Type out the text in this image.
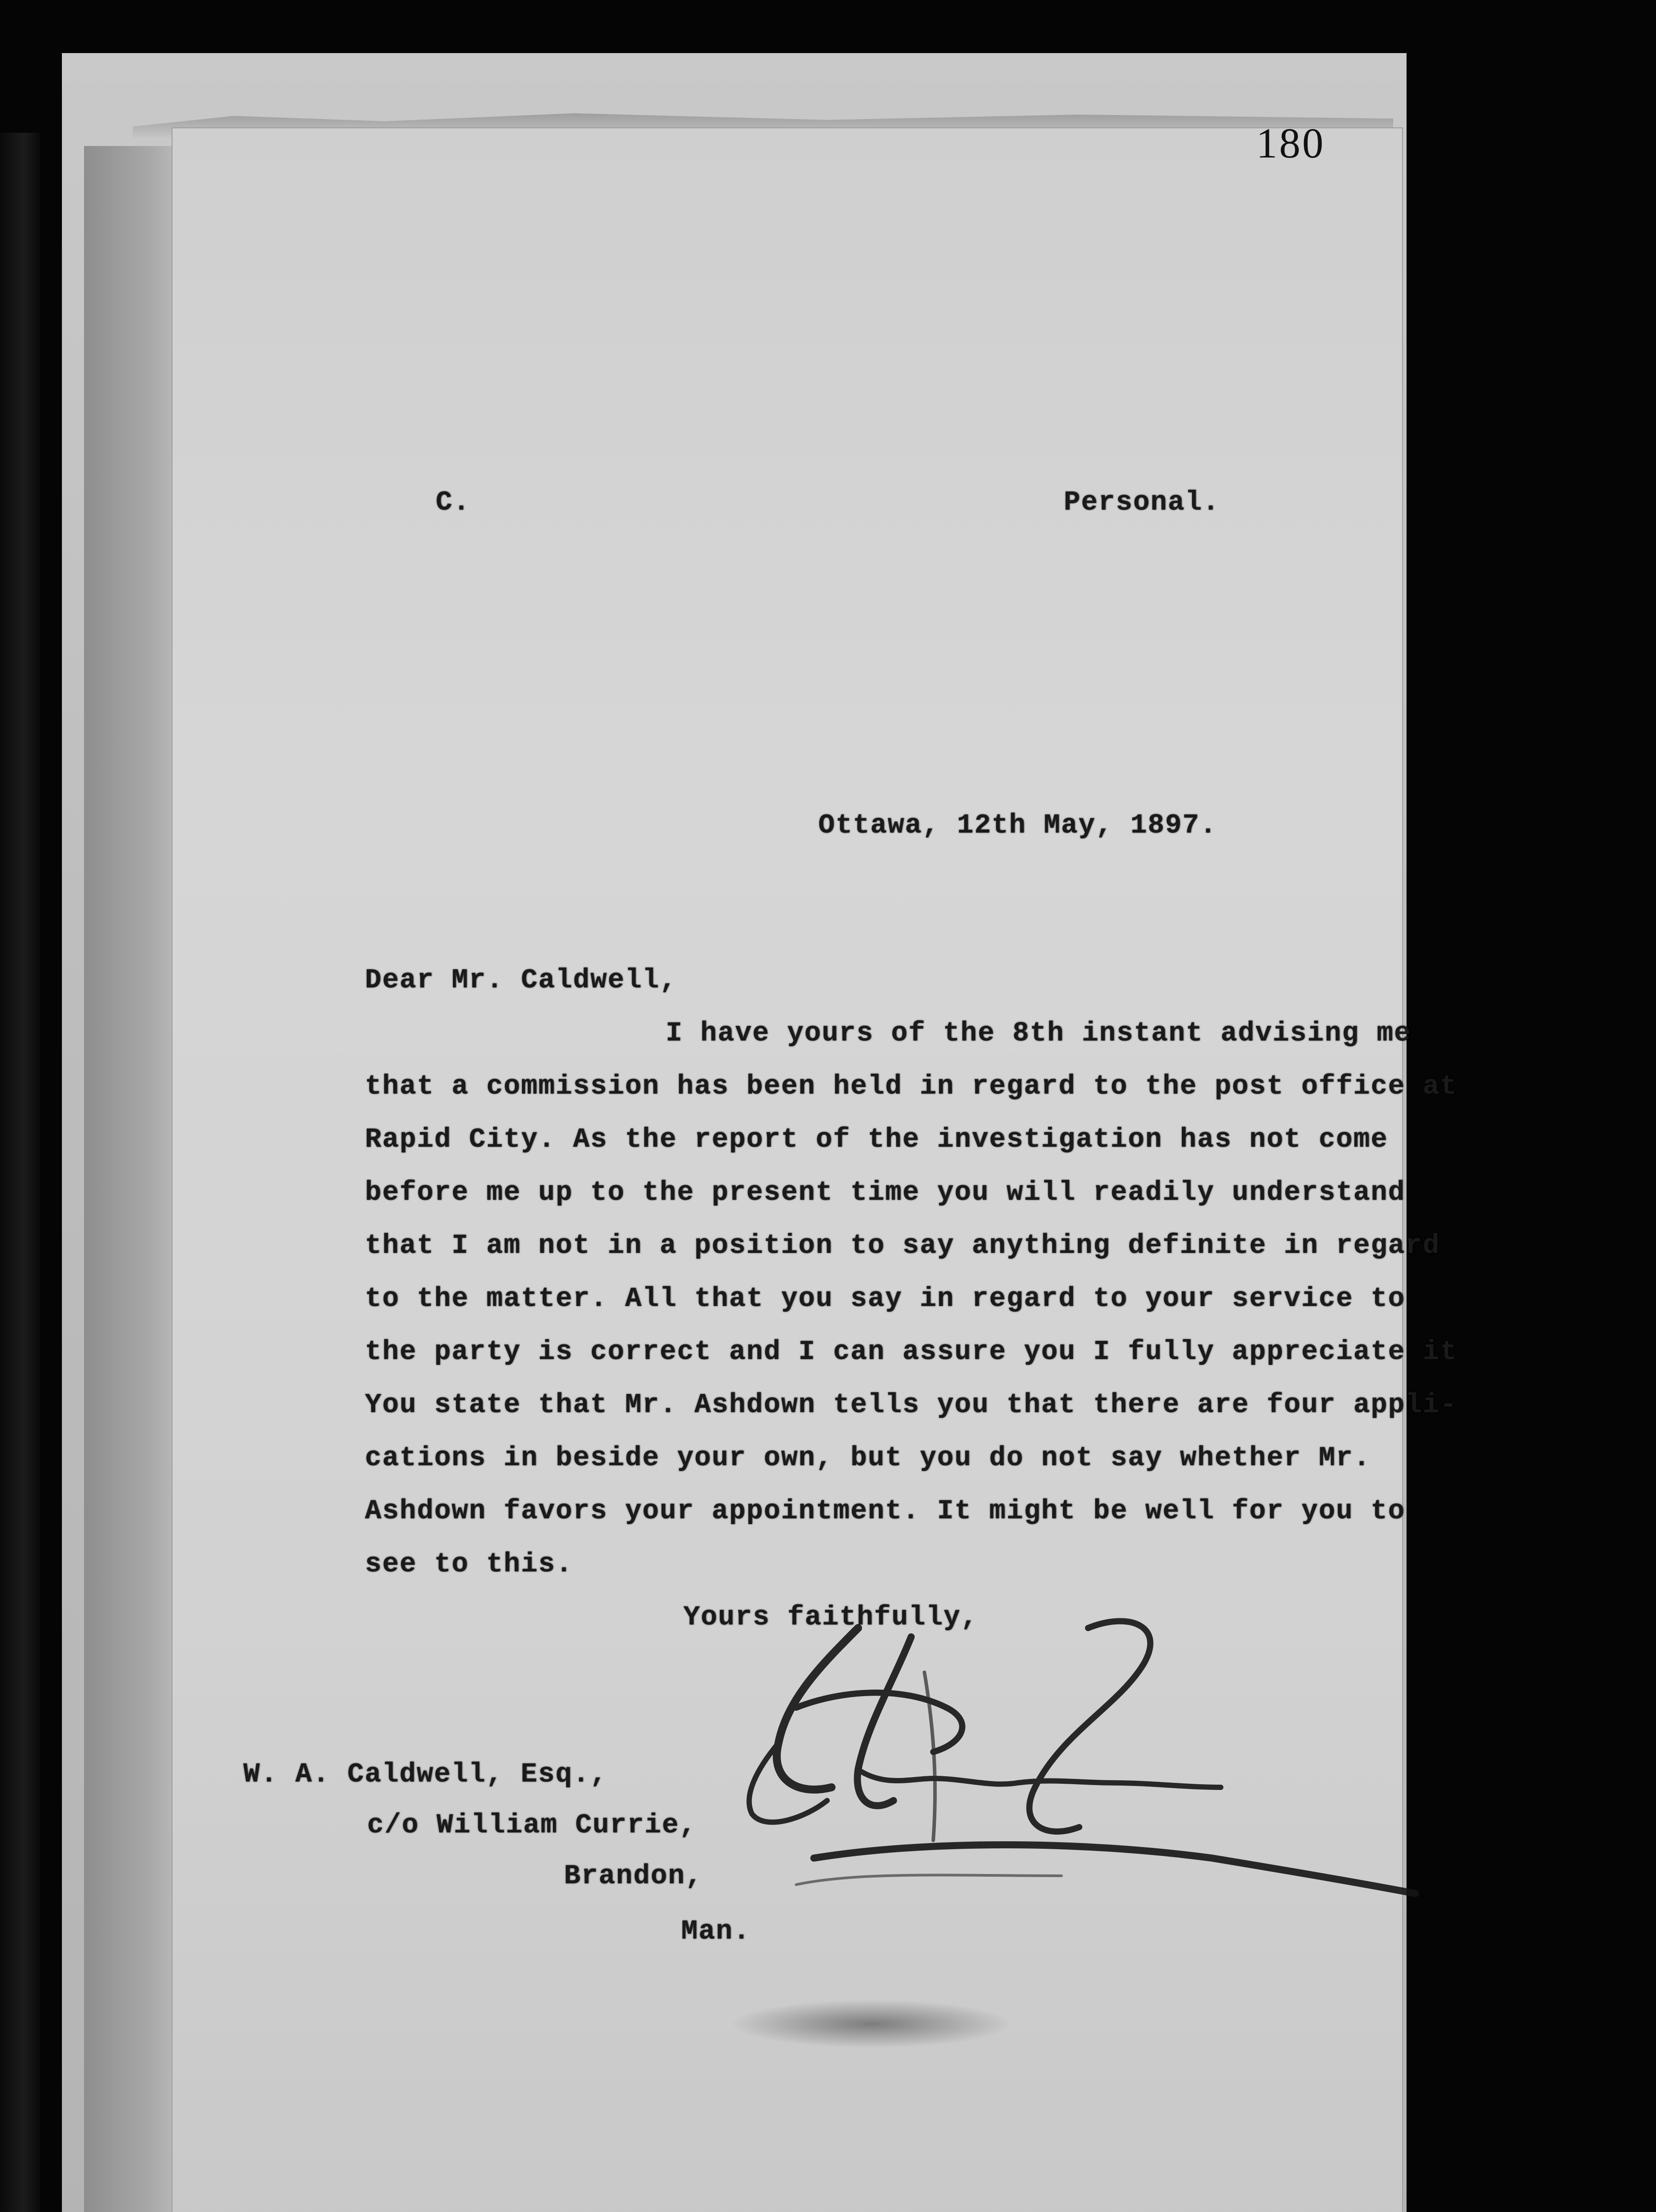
180
C.	Personal.
Ottawa, 12th May, 1897.
Dear Mr. Caldwell,
I have yours of the 8th instant advising me
that a commission has been held in regard to the post office at
Rapid City. As the report of the investigation has not come
before me up to the present time you will readily understand
that I am not in a position to say anything definite in regard
to the matter. All that you say in regard to your service to
the party is correct and I can assure you I fully appreciate it
You state that Mr. Ashdown tells you that there are four appli-
cations in beside your own, but you do not say whether Mr.
Ashdown favors your appointment. It might be well for you to
see to this.
Yours faithfully,
W. A. Caldwell, Esq.,
c/o William Currie,
Brandon,
Man.
